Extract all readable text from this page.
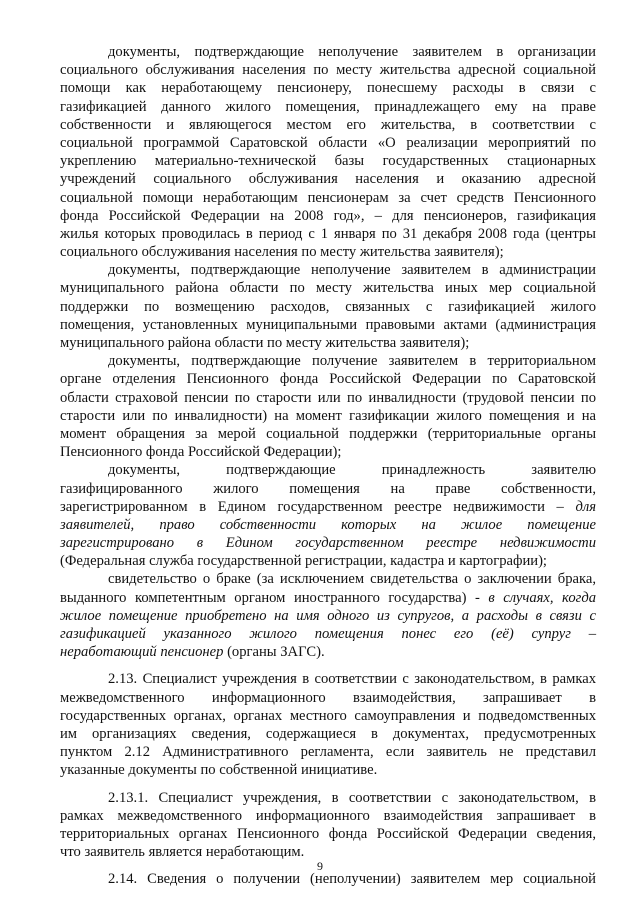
документы, подтверждающие неполучение заявителем в организации
социального обслуживания населения по месту жительства адресной социальной
помощи как неработающему пенсионеру, понесшему расходы в связи с
газификацией данного жилого помещения, принадлежащего ему на праве
собственности и являющегося местом его жительства, в соответствии с
социальной программой Саратовской области «О реализации мероприятий по
укреплению материально-технической базы государственных стационарных
учреждений социального обслуживания населения и оказанию адресной
социальной помощи неработающим пенсионерам за счет средств Пенсионного
фонда Российской Федерации на 2008 год», – для пенсионеров, газификация
жилья которых проводилась в период с 1 января по 31 декабря 2008 года (центры
социального обслуживания населения по месту жительства заявителя);
документы, подтверждающие неполучение заявителем в администрации
муниципального района области по месту жительства иных мер социальной
поддержки по возмещению расходов, связанных с газификацией жилого
помещения, установленных муниципальными правовыми актами (администрация
муниципального района области по месту жительства заявителя);
документы, подтверждающие получение заявителем в территориальном
органе отделения Пенсионного фонда Российской Федерации по Саратовской
области страховой пенсии по старости или по инвалидности (трудовой пенсии по
старости или по инвалидности) на момент газификации жилого помещения и на
момент обращения за мерой социальной поддержки (территориальные органы
Пенсионного фонда Российской Федерации);
документы, подтверждающие принадлежность заявителю
газифицированного жилого помещения на праве собственности,
зарегистрированном в Едином государственном реестре недвижимости – для
заявителей, право собственности которых на жилое помещение
зарегистрировано в Едином государственном реестре недвижимости
(Федеральная служба государственной регистрации, кадастра и картографии);
свидетельство о браке (за исключением свидетельства о заключении брака,
выданного компетентным органом иностранного государства) - в случаях, когда
жилое помещение приобретено на имя одного из супругов, а расходы в связи с
газификацией указанного жилого помещения понес его (её) супруг –
неработающий пенсионер (органы ЗАГС).
2.13. Специалист учреждения в соответствии с законодательством, в рамках
межведомственного информационного взаимодействия, запрашивает в
государственных органах, органах местного самоуправления и подведомственных
им организациях сведения, содержащиеся в документах, предусмотренных
пунктом 2.12 Административного регламента, если заявитель не представил
указанные документы по собственной инициативе.
2.13.1. Специалист учреждения, в соответствии с законодательством, в
рамках межведомственного информационного взаимодействия запрашивает в
территориальных органах Пенсионного фонда Российской Федерации сведения,
что заявитель является неработающим.
2.14. Сведения о получении (неполучении) заявителем мер социальной
9
